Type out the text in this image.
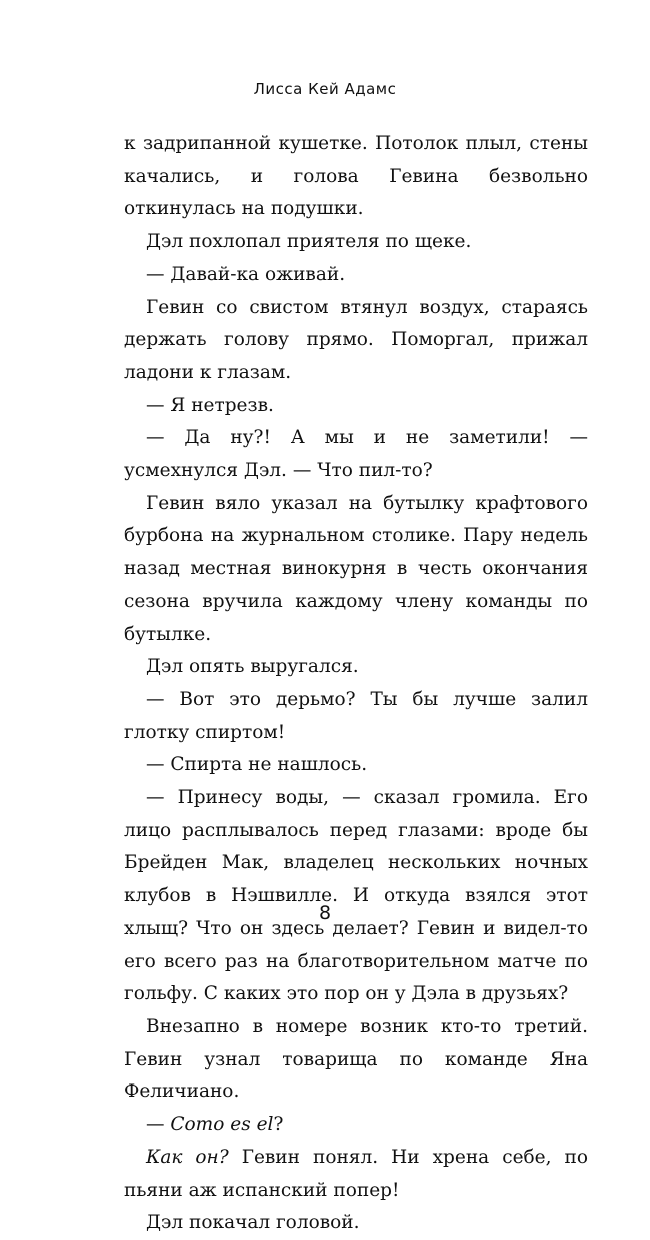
Лисса Кей Адамс

к задрипанной кушетке. Потолок плыл, стены качались, и голова Гевина безвольно откинулась на подушки.

Дэл похлопал приятеля по щеке.

— Давай-ка оживай.

Гевин со свистом втянул воздух, стараясь держать голову прямо. Поморгал, прижал ладони к глазам.

— Я нетрезв.

— Да ну?! А мы и не заметили! — усмехнулся Дэл. — Что пил-то?

Гевин вяло указал на бутылку крафтового бурбона на журнальном столике. Пару недель назад местная винокурня в честь окончания сезона вручила каждому члену команды по бутылке.

Дэл опять выругался.

— Вот это дерьмо? Ты бы лучше залил глотку спиртом!

— Спирта не нашлось.

— Принесу воды, — сказал громила. Его лицо расплывалось перед глазами: вроде бы Брейден Мак, владелец нескольких ночных клубов в Нэшвилле. И откуда взялся этот хлыщ? Что он здесь делает? Гевин и видел-то его всего раз на благотворительном матче по гольфу. С каких это пор он у Дэла в друзьях?

Внезапно в номере возник кто-то третий. Гевин узнал товарища по команде Яна Феличиано.

— Como es el?

Как он? Гевин понял. Ни хрена себе, по пьяни аж испанский попер!

Дэл покачал головой.

8
